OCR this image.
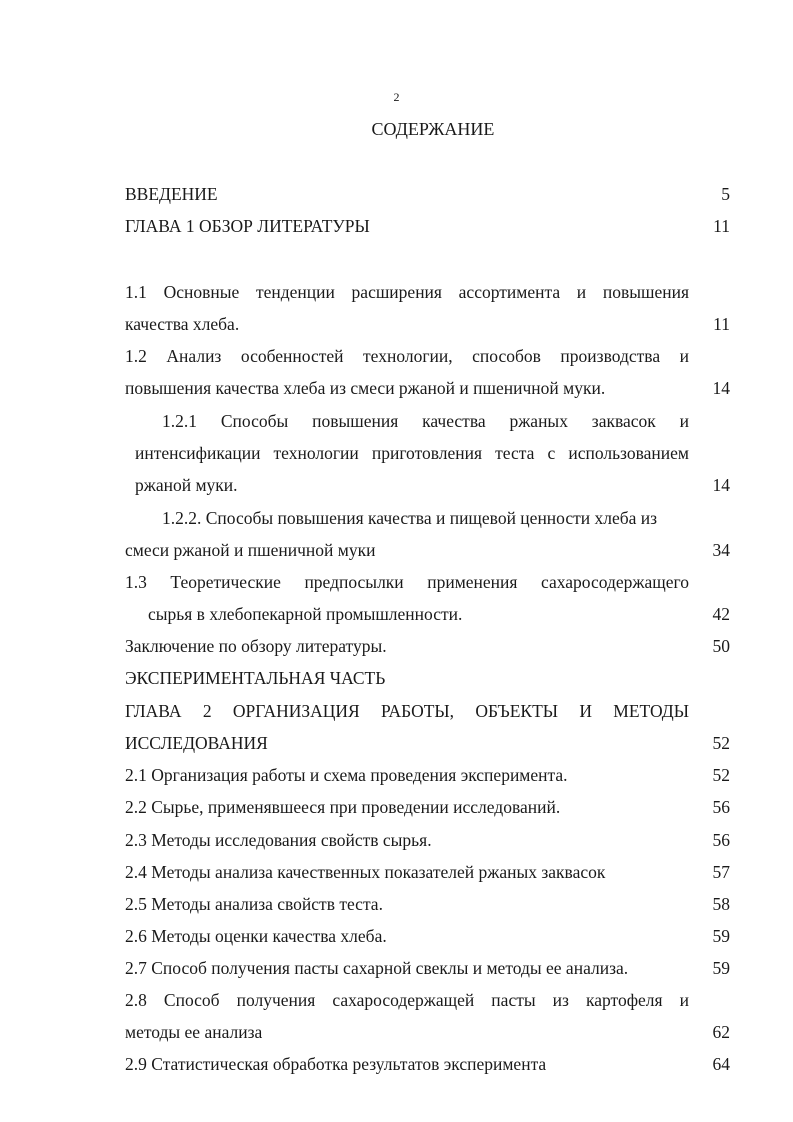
2
СОДЕРЖАНИЕ
ВВЕДЕНИЕ	5
ГЛАВА 1 ОБЗОР ЛИТЕРАТУРЫ	11
1.1 Основные тенденции расширения ассортимента и повышения
качества хлеба.	11
1.2 Анализ особенностей технологии, способов производства и
повышения качества хлеба из смеси ржаной и пшеничной муки.	14
1.2.1 Способы повышения качества ржаных заквасок и
интенсификации технологии приготовления теста с использованием
ржаной муки.	14
1.2.2. Способы повышения качества и пищевой ценности хлеба из
смеси ржаной и пшеничной муки	34
1.3 Теоретические предпосылки применения сахаросодержащего
сырья в хлебопекарной промышленности.	42
Заключение по обзору литературы.	50
ЭКСПЕРИМЕНТАЛЬНАЯ ЧАСТЬ
ГЛАВА 2 ОРГАНИЗАЦИЯ РАБОТЫ, ОБЪЕКТЫ И МЕТОДЫ
ИССЛЕДОВАНИЯ	52
2.1 Организация работы и схема проведения эксперимента.	52
2.2 Сырье, применявшееся при проведении исследований.	56
2.3 Методы исследования свойств сырья.	56
2.4 Методы анализа качественных показателей ржаных заквасок	57
2.5 Методы анализа свойств теста.	58
2.6 Методы оценки качества хлеба.	59
2.7 Способ получения пасты сахарной свеклы и методы ее анализа.	59
2.8 Способ получения сахаросодержащей пасты из картофеля и
методы ее анализа	62
2.9 Статистическая обработка результатов эксперимента	64
